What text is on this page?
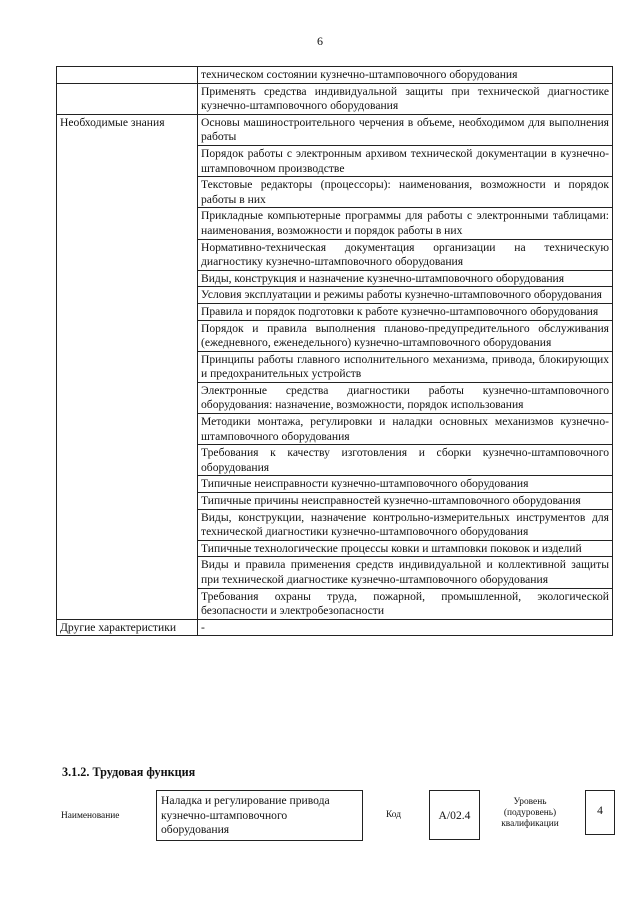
6
	техническом состоянии кузнечно-штамповочного оборудования
	Применять средства индивидуальной защиты при технической диагностике кузнечно-штамповочного оборудования
Необходимые знания	Основы машиностроительного черчения в объеме, необходимом для выполнения работы
	Порядок работы с электронным архивом технической документации в кузнечно-штамповочном производстве
	Текстовые редакторы (процессоры): наименования, возможности и порядок работы в них
	Прикладные компьютерные программы для работы с электронными таблицами: наименования, возможности и порядок работы в них
	Нормативно-техническая документация организации на техническую диагностику кузнечно-штамповочного оборудования
	Виды, конструкция и назначение кузнечно-штамповочного оборудования
	Условия эксплуатации и режимы работы кузнечно-штамповочного оборудования
	Правила и порядок подготовки к работе кузнечно-штамповочного оборудования
	Порядок и правила выполнения планово-предупредительного обслуживания (ежедневного, еженедельного) кузнечно-штамповочного оборудования
	Принципы работы главного исполнительного механизма, привода, блокирующих и предохранительных устройств
	Электронные средства диагностики работы кузнечно-штамповочного оборудования: назначение, возможности, порядок использования
	Методики монтажа, регулировки и наладки основных механизмов кузнечно-штамповочного оборудования
	Требования к качеству изготовления и сборки кузнечно-штамповочного оборудования
	Типичные неисправности кузнечно-штамповочного оборудования
	Типичные причины неисправностей кузнечно-штамповочного оборудования
	Виды, конструкции, назначение контрольно-измерительных инструментов для технической диагностики кузнечно-штамповочного оборудования
	Типичные технологические процессы ковки и штамповки поковок и изделий
	Виды и правила применения средств индивидуальной и коллективной защиты при технической диагностике кузнечно-штамповочного оборудования
	Требования охраны труда, пожарной, промышленной, экологической безопасности и электробезопасности
Другие характеристики	-
3.1.2. Трудовая функция
Наименование
Наладка и регулирование привода кузнечно-штамповочного оборудования
Код	А/02.4
Уровень (подуровень) квалификации
4
